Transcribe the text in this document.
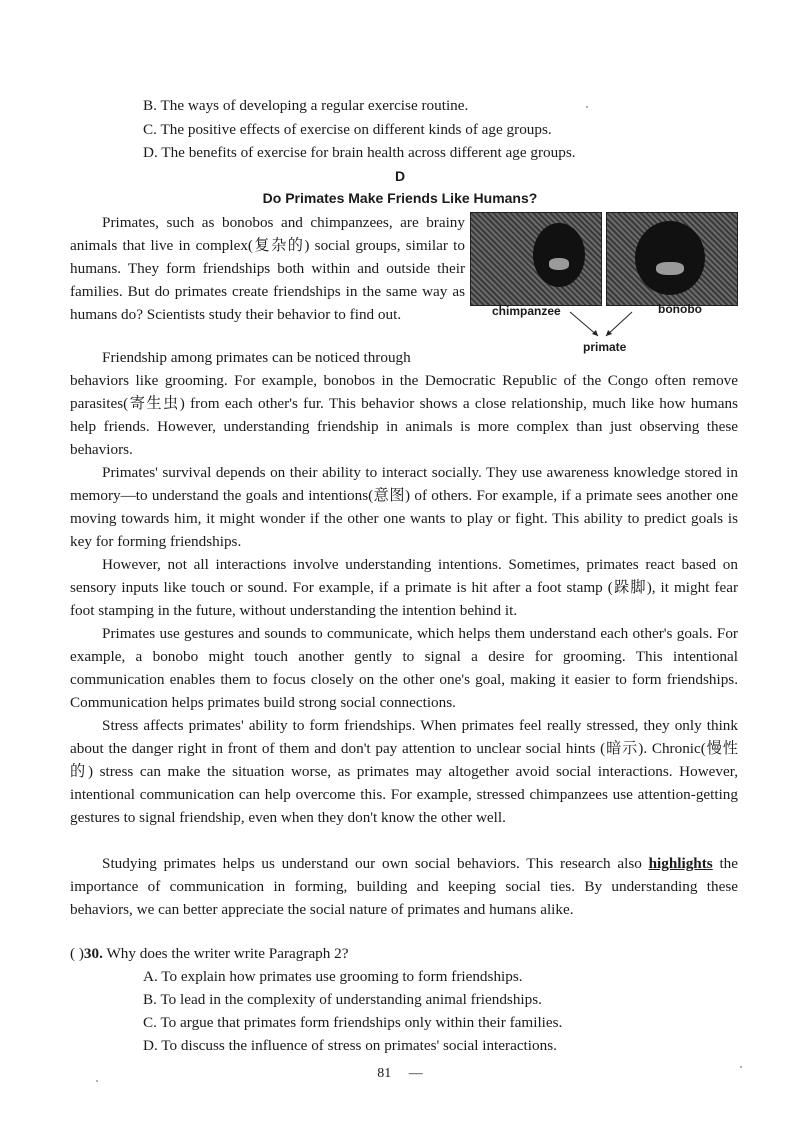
B. The ways of developing a regular exercise routine.
C. The positive effects of exercise on different kinds of age groups.
D. The benefits of exercise for brain health across different age groups.
D
Do Primates Make Friends Like Humans?

Primates, such as bonobos and chimpanzees, are brainy animals that live in complex(复杂的) social groups, similar to humans. They form friendships both within and outside their families. But do primates create friendships in the same way as humans do? Scientists study their behavior to find out.

Friendship among primates can be noticed through

behaviors like grooming. For example, bonobos in the Democratic Republic of the Congo often remove parasites(寄生虫) from each other's fur. This behavior shows a close relationship, much like how humans help friends. However, understanding friendship in animals is more complex than just observing these behaviors.

chimpanzee	bonobo
primate

Primates' survival depends on their ability to interact socially. They use awareness knowledge stored in memory—to understand the goals and intentions(意图) of others. For example, if a primate sees another one moving towards him, it might wonder if the other one wants to play or fight. This ability to predict goals is key for forming friendships.

However, not all interactions involve understanding intentions. Sometimes, primates react based on sensory inputs like touch or sound. For example, if a primate is hit after a foot stamp (跺脚), it might fear foot stamping in the future, without understanding the intention behind it.

Primates use gestures and sounds to communicate, which helps them understand each other's goals. For example, a bonobo might touch another gently to signal a desire for grooming. This intentional communication enables them to focus closely on the other one's goal, making it easier to form friendships. Communication helps primates build strong social connections.

Stress affects primates' ability to form friendships. When primates feel really stressed, they only think about the danger right in front of them and don't pay attention to unclear social hints (暗示). Chronic(慢性的) stress can make the situation worse, as primates may altogether avoid social interactions. However, intentional communication can help overcome this. For example, stressed chimpanzees use attention-getting gestures to signal friendship, even when they don't know the other well.

Studying primates helps us understand our own social behaviors. This research also highlights the importance of communication in forming, building and keeping social ties. By understanding these behaviors, we can better appreciate the social nature of primates and humans alike.

( )30. Why does the writer write Paragraph 2?
A. To explain how primates use grooming to form friendships.
B. To lead in the complexity of understanding animal friendships.
C. To argue that primates form friendships only within their families.
D. To discuss the influence of stress on primates' social interactions.
81 —
